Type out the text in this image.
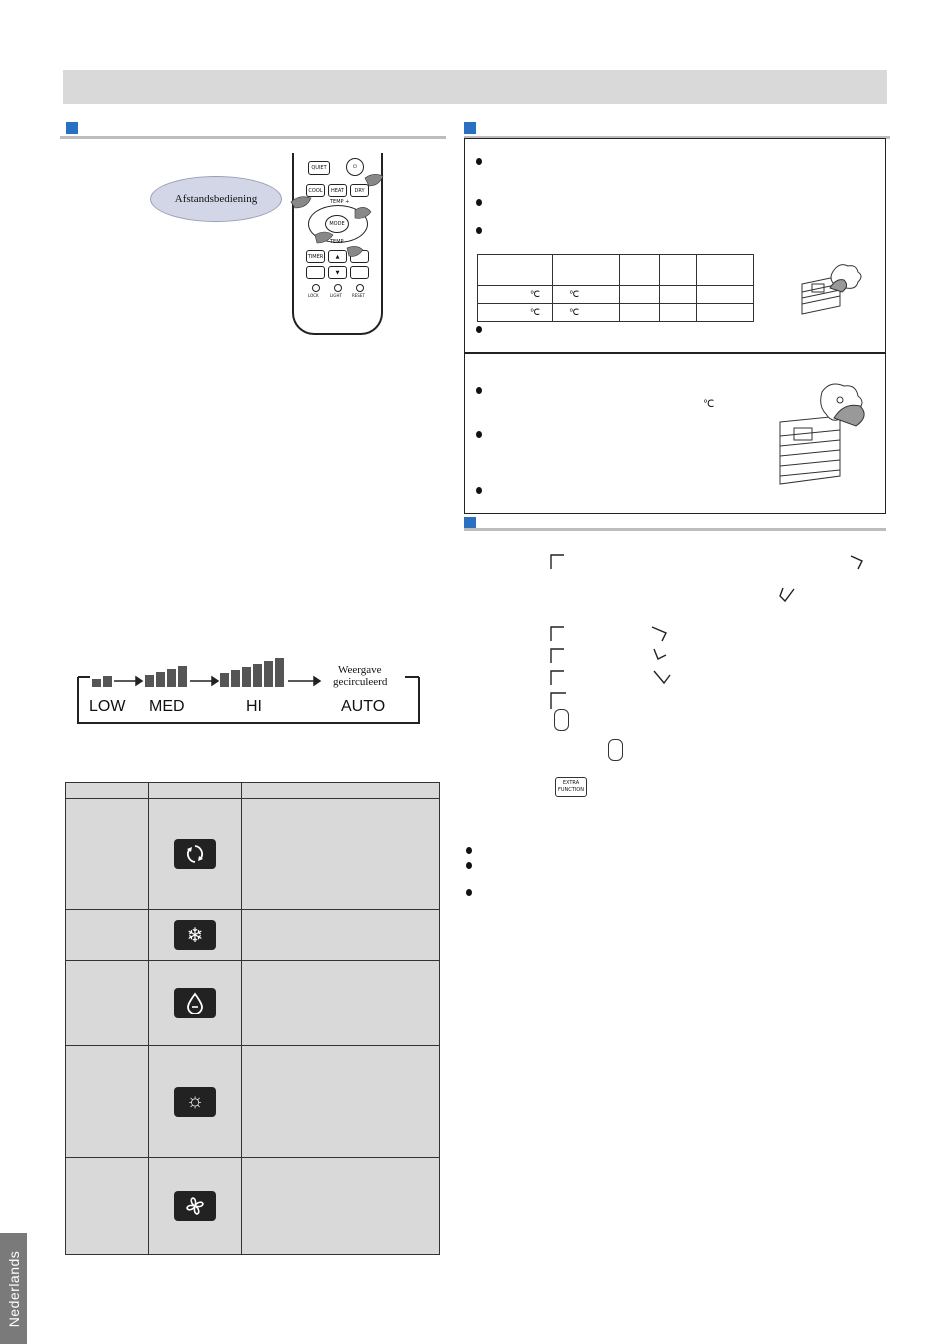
Afstandsbediening
QUIET	⏻
COOL	HEAT	DRY
MODE
TEMP +
TEMP -
TIMER	▲
▼
LOCK	LIGHT	RESET
LOW MED	HI	AUTO
Weergave
gecirculeerd

❄	

☼	

℃	℃			
℃	℃			
℃
EXTRA
FUNCTION
Nederlands
